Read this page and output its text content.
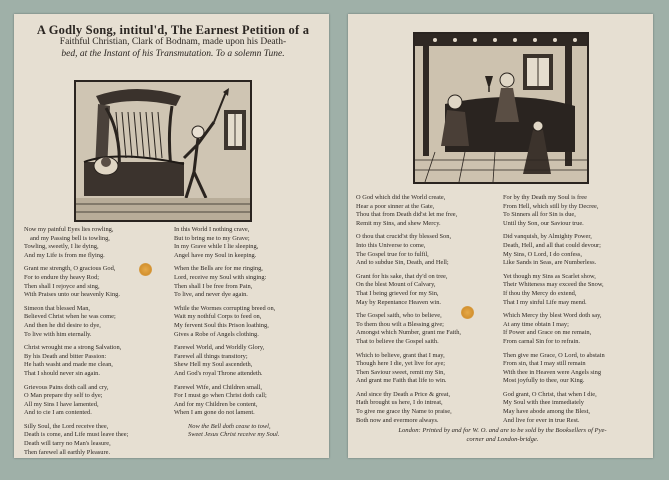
A Godly Song, intitul'd, The Earnest Petition of a
Faithful Christian, Clark of Bodnam, made upon his Death-
bed, at the Instant of his Transmutation. To a solemn Tune.
Now my painful Eyes lies rowling,
and my Passing bell is towling,
Towling, sweetly, I lie dying,
And my Life is from me flying.
Grant me strength, O gracious God,
For to endure thy heavy Rod;
Then shall I rejoyce and sing,
With Praises unto our heavenly King.
Simeon that blessed Man,
Believed Christ when he was come;
And then he did desire to dye,
To live with him eternally.
Christ wrought me a strong Salvation,
By his Death and bitter Passion:
He hath washt and made me clean,
That I should never sin again.
Grievous Pains doth call and cry,
O Man prepare thy self to dye;
All my Sins I have lamented,
And to cie I am contented.
Silly Soul, the Lord receive thee,
Death is come, and Life must leave thee;
Death will tarry no Man's leasure,
Then farewel all earthly Pleasure.
In this World I nothing crave,
But to bring me to my Grave;
In my Grave while I lie sleeping,
Angel have my Soul in keeping.
When the Bells are for me ringing,
Lord, receive my Soul with singing:
Then shall I be free from Pain,
To live, and never dye again.
While the Wormes corrupting breed on,
Wait my nothful Corps to feed on,
My fervent Soul this Prison loathing,
Gives a Robe of Angels clothing.
Farewel World, and Worldly Glory,
Farewel all things transitory;
Shew Hell my Soul ascendeth,
And God's royal Throne attendeth.
Farewel Wife, and Children small,
For I must go when Christ doth call;
And for my Children be content,
When I am gone do not lament.
Now the Bell doth cease to towl,
Sweet Jesus Christ receive my Soul.
O God which did the World create,
Hear a poor sinner at the Gate,
Thou that from Death did'st let me free,
Remit my Sins, and shew Mercy.
O thou that crucid'st thy blessed Son,
Into this Universe to come,
The Gospel true for to fulfil,
And to subdue Sin, Death, and Hell;
Grant for his sake, that dy'd on tree,
On the blest Mount of Calvary,
That I being grieved for my Sin,
May by Repentance Heaven win.
The Gospel saith, who to believe,
To them thou wilt a Blessing give;
Amongst which Number, grant me Faith,
That to believe the Gospel saith.
Which to believe, grant that I may,
Though here I die, yet live for aye;
Then Saviour sweet, remit my Sin,
And grant me Faith that life to win.
And since thy Death a Price & great,
Hath brought us here, I do intreat,
To give me grace thy Name to praise,
Both now and evermore always.
For by thy Death my Soul is free
From Hell, which still by thy Decree,
To Sinners all for Sin is due,
Until thy Son, our Saviour true.
Did vanquish, by Almighty Power,
Death, Hell, and all that could devour;
My Sins, O Lord, I do confess,
Like Sands in Seas, are Numberless.
Yet though my Sins as Scarlet show,
Their Whiteness may exceed the Snow,
If thou thy Mercy do extend,
That I my sinful Life may mend.
Which Mercy thy blest Word doth say,
At any time obtain I may;
If Power and Grace on me remain,
From carnal Sin for to refrain.
Then give me Grace, O Lord, to abstain
From sin, that I may still remain
With thee in Heaven were Angels sing
Most joyfully to thee, our King.
God grant, O Christ, that when I die,
My Soul with thee immediately
May have abode among the Blest,
And live for ever in true Rest.
London: Printed by and for W. O. and are to be sold by the Booksellers of Pye-
corner and London-bridge.
